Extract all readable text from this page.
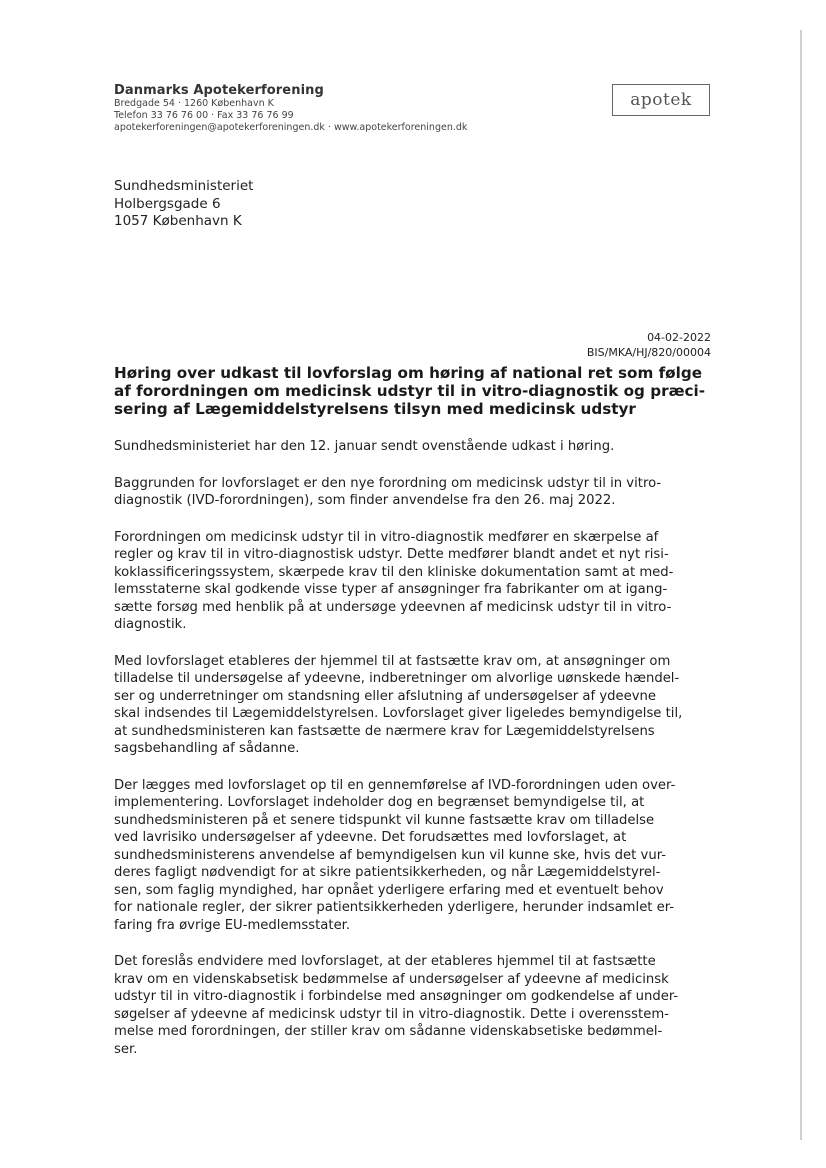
Danmarks Apotekerforening
Bredgade 54 · 1260 København K
Telefon 33 76 76 00 · Fax 33 76 76 99
apotekerforeningen@apotekerforeningen.dk · www.apotekerforeningen.dk
apotek
Sundhedsministeriet
Holbergsgade 6
1057 København K
04-02-2022
BIS/MKA/HJ/820/00004
Høring over udkast til lovforslag om høring af national ret som følge
af forordningen om medicinsk udstyr til in vitro-diagnostik og præci-
sering af Lægemiddelstyrelsens tilsyn med medicinsk udstyr
Sundhedsministeriet har den 12. januar sendt ovenstående udkast i høring.
Baggrunden for lovforslaget er den nye forordning om medicinsk udstyr til in vitro-
diagnostik (IVD-forordningen), som finder anvendelse fra den 26. maj 2022.
Forordningen om medicinsk udstyr til in vitro-diagnostik medfører en skærpelse af
regler og krav til in vitro-diagnostisk udstyr. Dette medfører blandt andet et nyt risi-
koklassificeringssystem, skærpede krav til den kliniske dokumentation samt at med-
lemsstaterne skal godkende visse typer af ansøgninger fra fabrikanter om at igang-
sætte forsøg med henblik på at undersøge ydeevnen af medicinsk udstyr til in vitro-
diagnostik.
Med lovforslaget etableres der hjemmel til at fastsætte krav om, at ansøgninger om
tilladelse til undersøgelse af ydeevne, indberetninger om alvorlige uønskede hændel-
ser og underretninger om standsning eller afslutning af undersøgelser af ydeevne
skal indsendes til Lægemiddelstyrelsen. Lovforslaget giver ligeledes bemyndigelse til,
at sundhedsministeren kan fastsætte de nærmere krav for Lægemiddelstyrelsens
sagsbehandling af sådanne.
Der lægges med lovforslaget op til en gennemførelse af IVD-forordningen uden over-
implementering. Lovforslaget indeholder dog en begrænset bemyndigelse til, at
sundhedsministeren på et senere tidspunkt vil kunne fastsætte krav om tilladelse
ved lavrisiko undersøgelser af ydeevne. Det forudsættes med lovforslaget, at
sundhedsministerens anvendelse af bemyndigelsen kun vil kunne ske, hvis det vur-
deres fagligt nødvendigt for at sikre patientsikkerheden, og når Lægemiddelstyrel-
sen, som faglig myndighed, har opnået yderligere erfaring med et eventuelt behov
for nationale regler, der sikrer patientsikkerheden yderligere, herunder indsamlet er-
faring fra øvrige EU-medlemsstater.
Det foreslås endvidere med lovforslaget, at der etableres hjemmel til at fastsætte
krav om en videnskabsetisk bedømmelse af undersøgelser af ydeevne af medicinsk
udstyr til in vitro-diagnostik i forbindelse med ansøgninger om godkendelse af under-
søgelser af ydeevne af medicinsk udstyr til in vitro-diagnostik. Dette i overensstem-
melse med forordningen, der stiller krav om sådanne videnskabsetiske bedømmel-
ser.
